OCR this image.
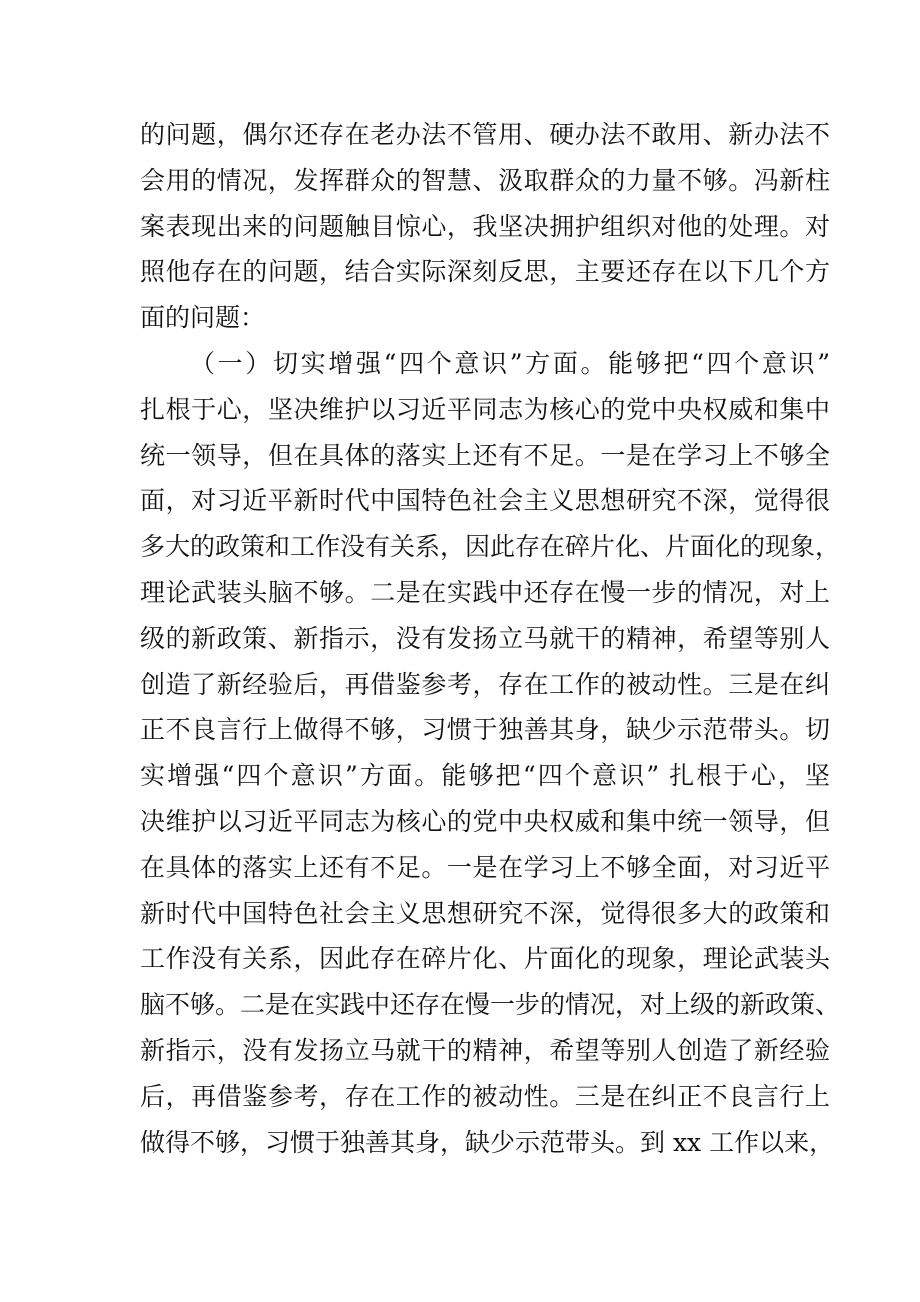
的问题，偶尔还存在老办法不管用、硬办法不敢用、新办法不
会用的情况，发挥群众的智慧、汲取群众的力量不够。冯新柱
案表现出来的问题触目惊心，我坚决拥护组织对他的处理。对
照他存在的问题，结合实际深刻反思，主要还存在以下几个方
面的问题：
（一）切实增强“四个意识”方面。能够把“四个意识”
扎根于心，坚决维护以习近平同志为核心的党中央权威和集中
统一领导，但在具体的落实上还有不足。一是在学习上不够全
面，对习近平新时代中国特色社会主义思想研究不深，觉得很
多大的政策和工作没有关系，因此存在碎片化、片面化的现象，
理论武装头脑不够。二是在实践中还存在慢一步的情况，对上
级的新政策、新指示，没有发扬立马就干的精神，希望等别人
创造了新经验后，再借鉴参考，存在工作的被动性。三是在纠
正不良言行上做得不够，习惯于独善其身，缺少示范带头。切
实增强“四个意识”方面。能够把“四个意识” 扎根于心，坚
决维护以习近平同志为核心的党中央权威和集中统一领导，但
在具体的落实上还有不足。一是在学习上不够全面，对习近平
新时代中国特色社会主义思想研究不深，觉得很多大的政策和
工作没有关系，因此存在碎片化、片面化的现象，理论武装头
脑不够。二是在实践中还存在慢一步的情况，对上级的新政策、
新指示，没有发扬立马就干的精神，希望等别人创造了新经验
后，再借鉴参考，存在工作的被动性。三是在纠正不良言行上
做得不够，习惯于独善其身，缺少示范带头。到 xx 工作以来，
